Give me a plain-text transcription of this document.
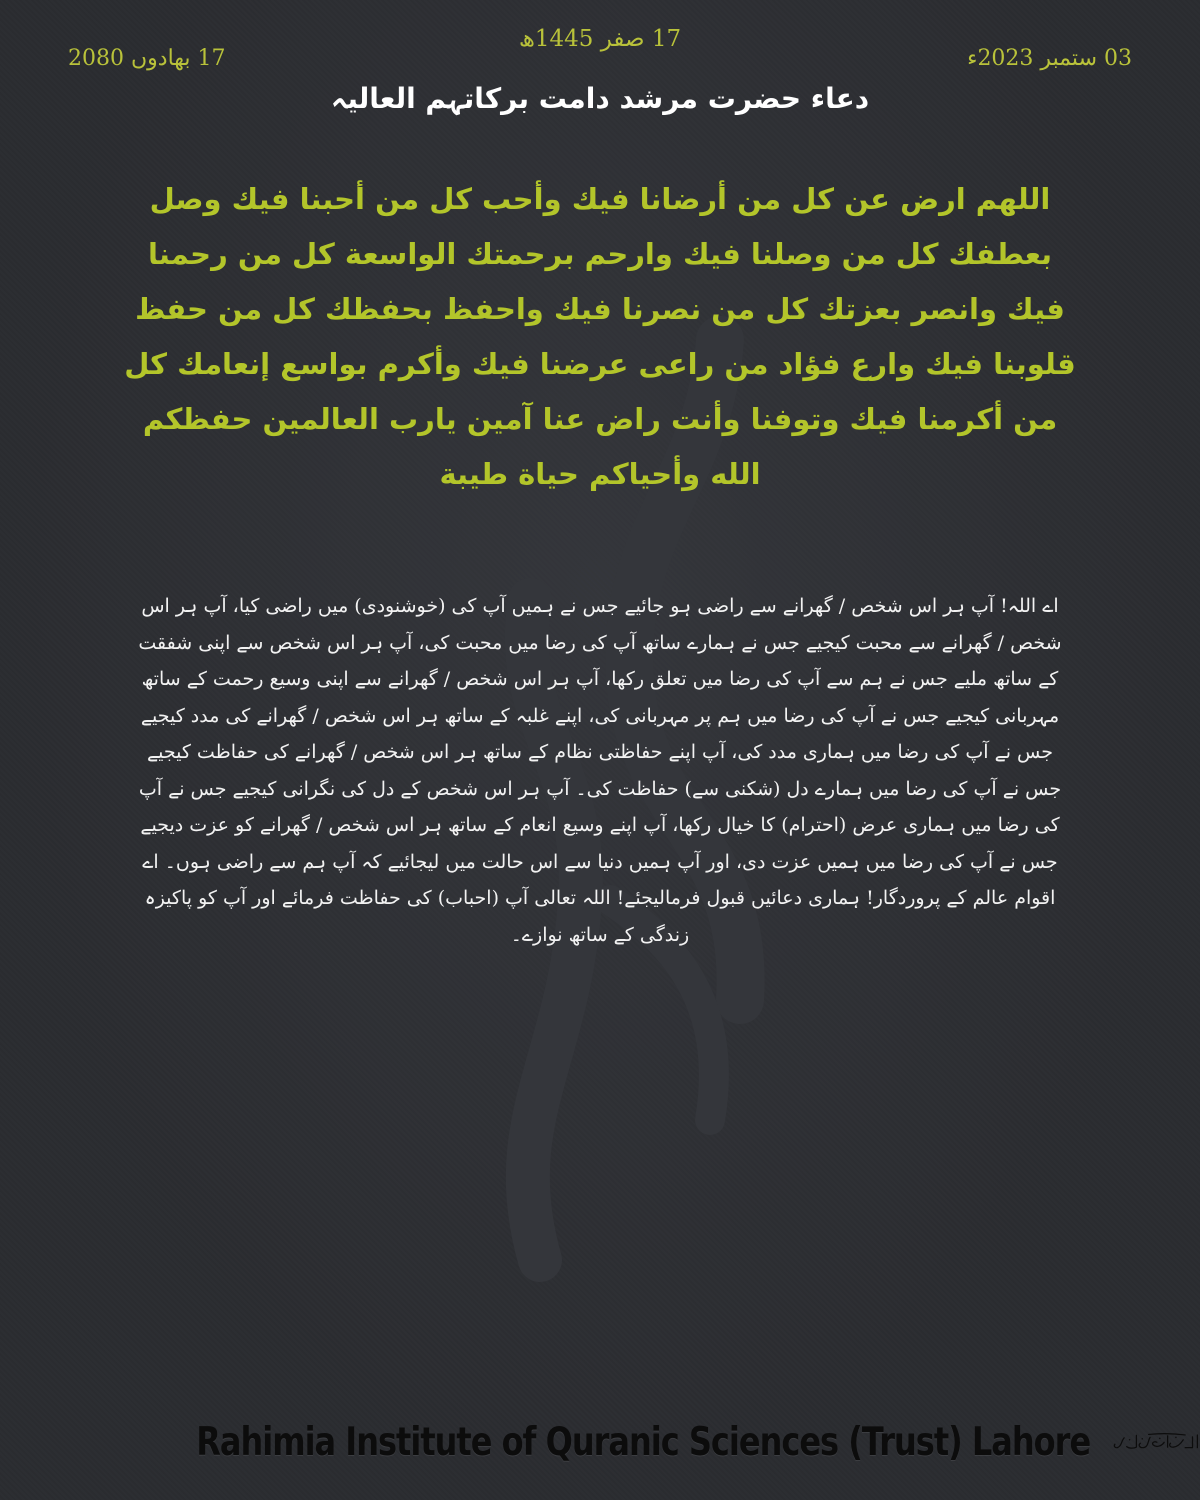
17 صفر 1445ھ
03 ستمبر 2023ء
17 بھادوں 2080
دعاء حضرت مرشد دامت برکاتہم العالیہ

اللهم ارض عن كل من أرضانا فيك وأحب كل من أحبنا فيك وصل بعطفك كل من وصلنا فيك وارحم برحمتك الواسعة كل من رحمنا فيك وانصر بعزتك كل من نصرنا فيك واحفظ بحفظك كل من حفظ قلوبنا فيك وارع فؤاد من راعى عرضنا فيك وأكرم بواسع إنعامك كل من أكرمنا فيك وتوفنا وأنت راض عنا آمين يارب العالمين حفظكم الله وأحياكم حياة طيبة

اے اللہ! آپ ہر اس شخص / گھرانے سے راضی ہو جائیے جس نے ہمیں آپ کی (خوشنودی) میں راضی کیا، آپ ہر اس شخص / گھرانے سے محبت کیجیے جس نے ہمارے ساتھ آپ کی رضا میں محبت کی، آپ ہر اس شخص سے اپنی شفقت کے ساتھ ملیے جس نے ہم سے آپ کی رضا میں تعلق رکھا، آپ ہر اس شخص / گھرانے سے اپنی وسیع رحمت کے ساتھ مہربانی کیجیے جس نے آپ کی رضا میں ہم پر مہربانی کی، اپنے غلبہ کے ساتھ ہر اس شخص / گھرانے کی مدد کیجیے جس نے آپ کی رضا میں ہماری مدد کی، آپ اپنے حفاظتی نظام کے ساتھ ہر اس شخص / گھرانے کی حفاظت کیجیے جس نے آپ کی رضا میں ہمارے دل (شکنی سے) حفاظت کی۔ آپ ہر اس شخص کے دل کی نگرانی کیجیے جس نے آپ کی رضا میں ہماری عرض (احترام) کا خیال رکھا، آپ اپنے وسیع انعام کے ساتھ ہر اس شخص / گھرانے کو عزت دیجیے جس نے آپ کی رضا میں ہمیں عزت دی، اور آپ ہمیں دنیا سے اس حالت میں لیجائیے کہ آپ ہم سے راضی ہوں۔ اے اقوام عالم کے پروردگار! ہماری دعائیں قبول فرمالیجئے! اللہ تعالی آپ (احباب) کی حفاظت فرمائے اور آپ کو پاکیزہ زندگی کے ساتھ نوازے۔

Rahimia Institute of Quranic Sciences (Trust) Lahore
